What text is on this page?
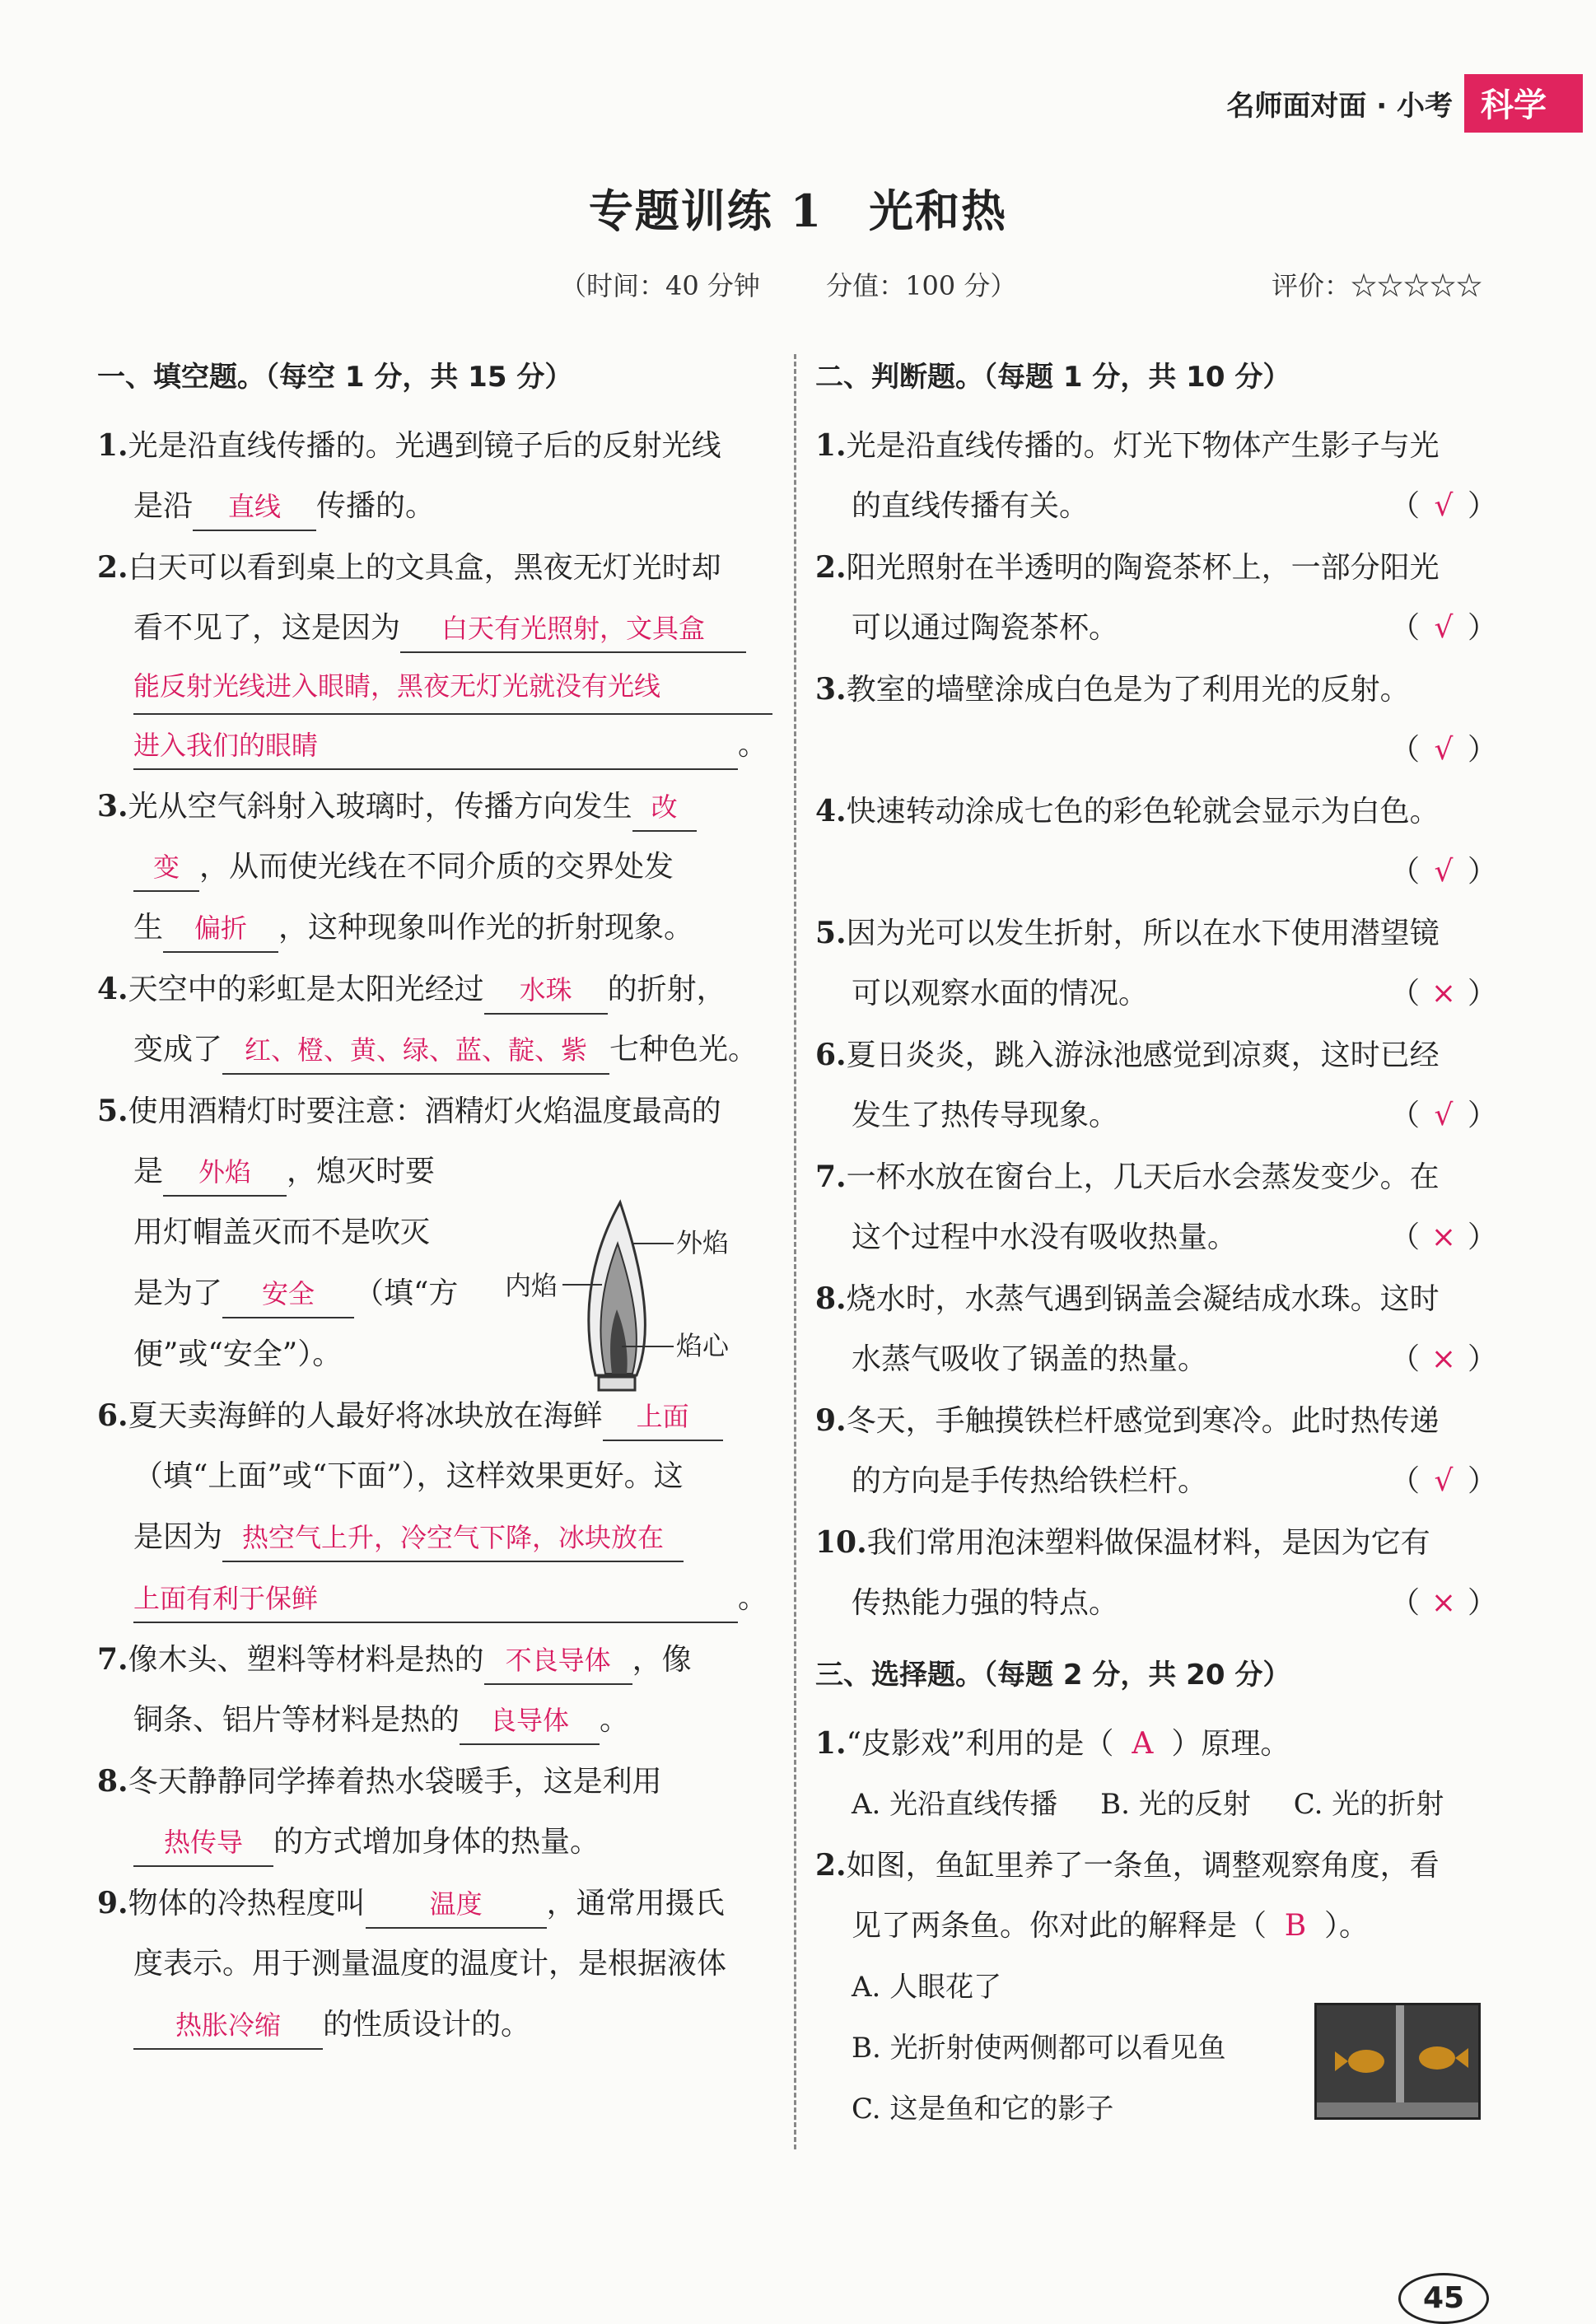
名师面对面 · 小考 科学
专题训练 1　光和热
（时间：40 分钟	分值：100 分）	评价：☆☆☆☆☆
一、填空题。（每空 1 分，共 15 分）
1.光是沿直线传播的。光遇到镜子后的反射光线
是沿 直线 传播的。
2.白天可以看到桌上的文具盒，黑夜无灯光时却
看不见了，这是因为 白天有光照射，文具盒
能反射光线进入眼睛，黑夜无灯光就没有光线
进入我们的眼睛	。
3.光从空气斜射入玻璃时，传播方向发生 改
变 ，从而使光线在不同介质的交界处发
生 偏折 ，这种现象叫作光的折射现象。
4.天空中的彩虹是太阳光经过 水珠 的折射，
变成了 红、橙、黄、绿、蓝、靛、紫 七种色光。
5.使用酒精灯时要注意：酒精灯火焰温度最高的
是 外焰 ，熄灭时要
用灯帽盖灭而不是吹灭
是为了 安全 （填“方
便”或“安全”）。
6.夏天卖海鲜的人最好将冰块放在海鲜 上面
（填“上面”或“下面”），这样效果更好。这
是因为 热空气上升，冷空气下降，冰块放在
上面有利于保鲜	。
7.像木头、塑料等材料是热的 不良导体 ，像
铜条、铝片等材料是热的 良导体 。
8.冬天静静同学捧着热水袋暖手，这是利用
热传导 的方式增加身体的热量。
9.物体的冷热程度叫 温度 ，通常用摄氏
度表示。用于测量温度的温度计，是根据液体
热胀冷缩 的性质设计的。
外焰
内焰
焰心
二、判断题。（每题 1 分，共 10 分）
1.光是沿直线传播的。灯光下物体产生影子与光
的直线传播有关。	（ √ ）
2.阳光照射在半透明的陶瓷茶杯上，一部分阳光
可以通过陶瓷茶杯。	（ √ ）
3.教室的墙壁涂成白色是为了利用光的反射。
（ √ ）
4.快速转动涂成七色的彩色轮就会显示为白色。
（ √ ）
5.因为光可以发生折射，所以在水下使用潜望镜
可以观察水面的情况。	（ × ）
6.夏日炎炎，跳入游泳池感觉到凉爽，这时已经
发生了热传导现象。	（ √ ）
7.一杯水放在窗台上，几天后水会蒸发变少。在
这个过程中水没有吸收热量。	（ × ）
8.烧水时，水蒸气遇到锅盖会凝结成水珠。这时
水蒸气吸收了锅盖的热量。	（ × ）
9.冬天，手触摸铁栏杆感觉到寒冷。此时热传递
的方向是手传热给铁栏杆。	（ √ ）
10.我们常用泡沫塑料做保温材料，是因为它有
传热能力强的特点。	（ × ）
三、选择题。（每题 2 分，共 20 分）
1.“皮影戏”利用的是（ A ）原理。
A. 光沿直线传播 B. 光的反射 C. 光的折射
2.如图，鱼缸里养了一条鱼，调整观察角度，看
见了两条鱼。你对此的解释是（ B ）。
A. 人眼花了
B. 光折射使两侧都可以看见鱼
C. 这是鱼和它的影子
45
